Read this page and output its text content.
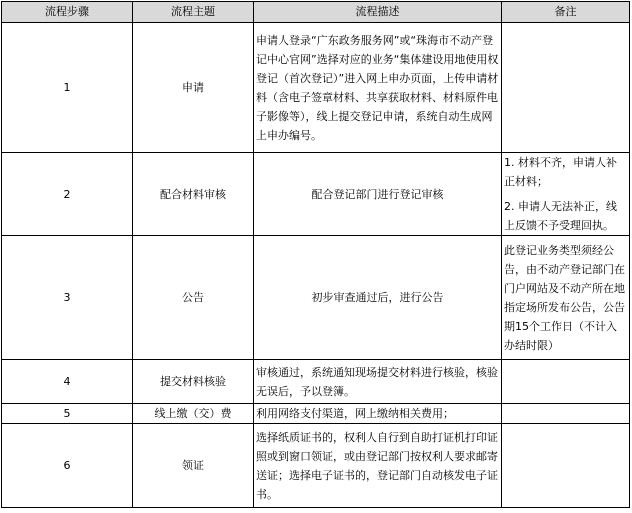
流程步骤	流程主题	流程描述	备注
1	申请	申请人登录“广东政务服务网”或“珠海市不动产登记中心官网”选择对应的业务“集体建设用地使用权登记（首次登记）”进入网上申办页面，上传申请材料（含电子签章材料、共享获取材料、材料原件电子影像等），线上提交登记申请，系统自动生成网上申办编号。	
2	配合材料审核	配合登记部门进行登记审核	1. 材料不齐，申请人补正材料；
2. 申请人无法补正，线上反馈不予受理回执。

3	公告	初步审查通过后，进行公告	此登记业务类型须经公告，由不动产登记部门在门户网站及不动产所在地指定场所发布公告，公告期15个工作日（不计入办结时限）
4	提交材料核验	审核通过，系统通知现场提交材料进行核验，核验无误后，予以登簿。	
5	线上缴（交）费	利用网络支付渠道，网上缴纳相关费用；	
6	领证	选择纸质证书的，权利人自行到自助打证机打印证照或到窗口领证，或由登记部门按权利人要求邮寄送证；选择电子证书的，登记部门自动核发电子证书。	
